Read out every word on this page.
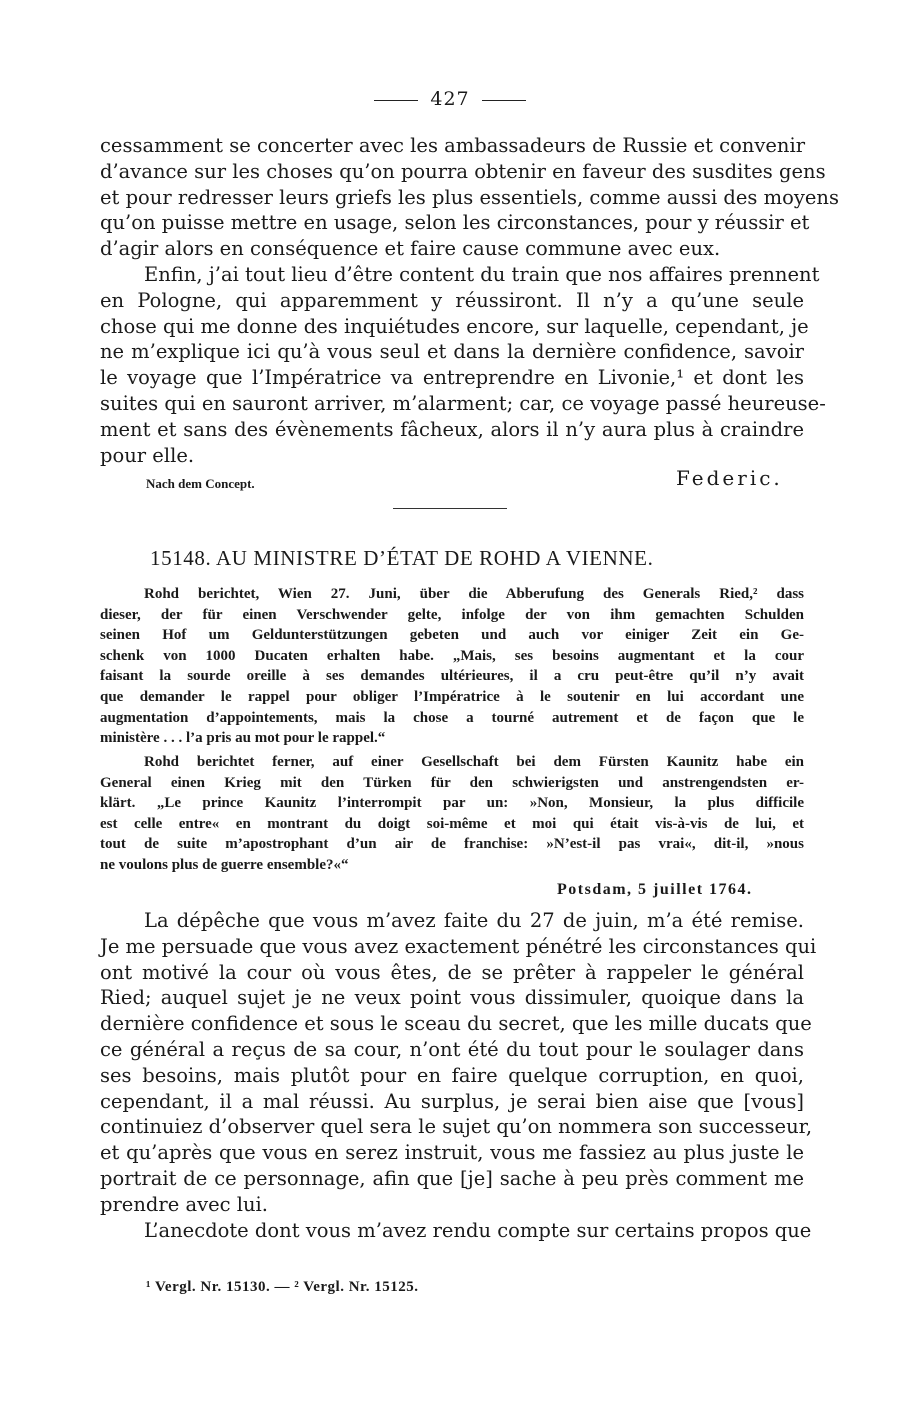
427
cessamment se concerter avec les ambassadeurs de Russie et convenir
d’avance sur les choses qu’on pourra obtenir en faveur des susdites gens
et pour redresser leurs griefs les plus essentiels, comme aussi des moyens
qu’on puisse mettre en usage, selon les circonstances, pour y réussir et
d’agir alors en conséquence et faire cause commune avec eux.
Enfin, j’ai tout lieu d’être content du train que nos affaires prennent
en Pologne, qui apparemment y réussiront. Il n’y a qu’une seule
chose qui me donne des inquiétudes encore, sur laquelle, cependant, je
ne m’explique ici qu’à vous seul et dans la dernière confidence, savoir
le voyage que l’Impératrice va entreprendre en Livonie,¹ et dont les
suites qui en sauront arriver, m’alarment; car, ce voyage passé heureuse-
ment et sans des évènements fâcheux, alors il n’y aura plus à craindre
pour elle.
Nach dem Concept.	Federic.
15148. AU MINISTRE D’ÉTAT DE ROHD A VIENNE.
Rohd berichtet, Wien 27. Juni, über die Abberufung des Generals Ried,² dass
dieser, der für einen Verschwender gelte, infolge der von ihm gemachten Schulden
seinen Hof um Geldunterstützungen gebeten und auch vor einiger Zeit ein Ge-
schenk von 1000 Ducaten erhalten habe. „Mais, ses besoins augmentant et la cour
faisant la sourde oreille à ses demandes ultérieures, il a cru peut-être qu’il n’y avait
que demander le rappel pour obliger l’Impératrice à le soutenir en lui accordant une
augmentation d’appointements, mais la chose a tourné autrement et de façon que le
ministère . . . l’a pris au mot pour le rappel.“
Rohd berichtet ferner, auf einer Gesellschaft bei dem Fürsten Kaunitz habe ein
General einen Krieg mit den Türken für den schwierigsten und anstrengendsten er-
klärt. „Le prince Kaunitz l’interrompit par un: »Non, Monsieur, la plus difficile
est celle entre« en montrant du doigt soi-même et moi qui était vis-à-vis de lui, et
tout de suite m’apostrophant d’un air de franchise: »N’est-il pas vrai«, dit-il, »nous
ne voulons plus de guerre ensemble?«“
Potsdam, 5 juillet 1764.
La dépêche que vous m’avez faite du 27 de juin, m’a été remise.
Je me persuade que vous avez exactement pénétré les circonstances qui
ont motivé la cour où vous êtes, de se prêter à rappeler le général
Ried; auquel sujet je ne veux point vous dissimuler, quoique dans la
dernière confidence et sous le sceau du secret, que les mille ducats que
ce général a reçus de sa cour, n’ont été du tout pour le soulager dans
ses besoins, mais plutôt pour en faire quelque corruption, en quoi,
cependant, il a mal réussi. Au surplus, je serai bien aise que [vous]
continuiez d’observer quel sera le sujet qu’on nommera son successeur,
et qu’après que vous en serez instruit, vous me fassiez au plus juste le
portrait de ce personnage, afin que [je] sache à peu près comment me
prendre avec lui.
L’anecdote dont vous m’avez rendu compte sur certains propos que
¹ Vergl. Nr. 15130. — ² Vergl. Nr. 15125.
